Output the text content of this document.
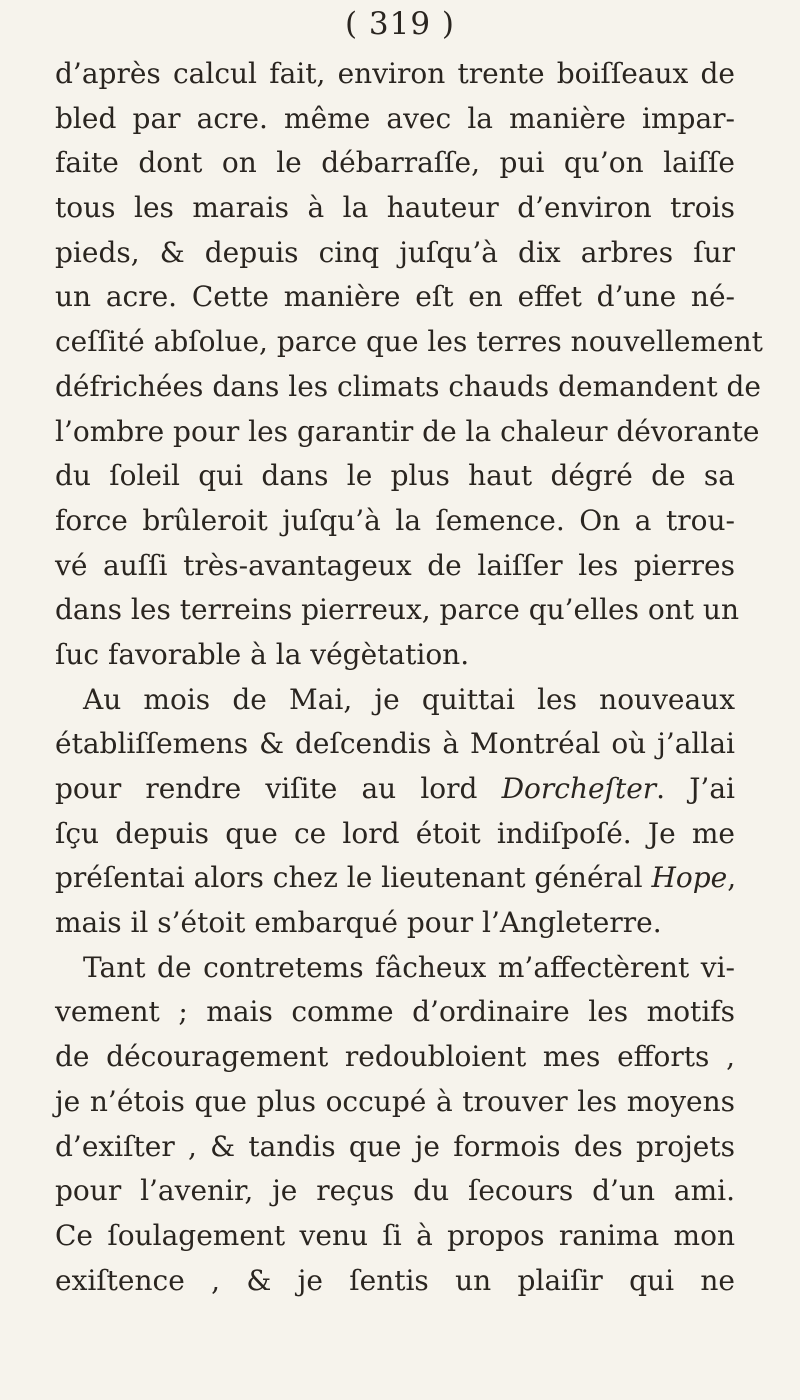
( 319 )
d’après calcul fait, environ trente boiſſeaux de
bled par acre. même avec la manière impar-
faite dont on le débarraſſe, pui qu’on laiſſe
tous les marais à la hauteur d’environ trois
pieds, & depuis cinq juſqu’à dix arbres ſur
un acre. Cette manière eſt en effet d’une né-
ceſſité abſolue, parce que les terres nouvellement
défrichées dans les climats chauds demandent de
l’ombre pour les garantir de la chaleur dévorante
du ſoleil qui dans le plus haut dégré de sa
force brûleroit juſqu’à la ſemence. On a trou-
vé auſſi très-avantageux de laiſſer les pierres
dans les terreins pierreux, parce qu’elles ont un
ſuc favorable à la végètation.
Au mois de Mai, je quittai les nouveaux
établiſſemens & deſcendis à Montréal où j’allai
pour rendre viſite au lord Dorcheſter. J’ai
ſçu depuis que ce lord étoit indiſpoſé. Je me
préſentai alors chez le lieutenant général Hope,
mais il s’étoit embarqué pour l’Angleterre.
Tant de contretems fâcheux m’affectèrent vi-
vement ; mais comme d’ordinaire les motifs
de découragement redoubloient mes efforts ,
je n’étois que plus occupé à trouver les moyens
d’exiſter , & tandis que je formois des projets
pour l’avenir, je reçus du ſecours d’un ami.
Ce ſoulagement venu ſi à propos ranima mon
exiſtence , & je ſentis un plaiſir qui ne
